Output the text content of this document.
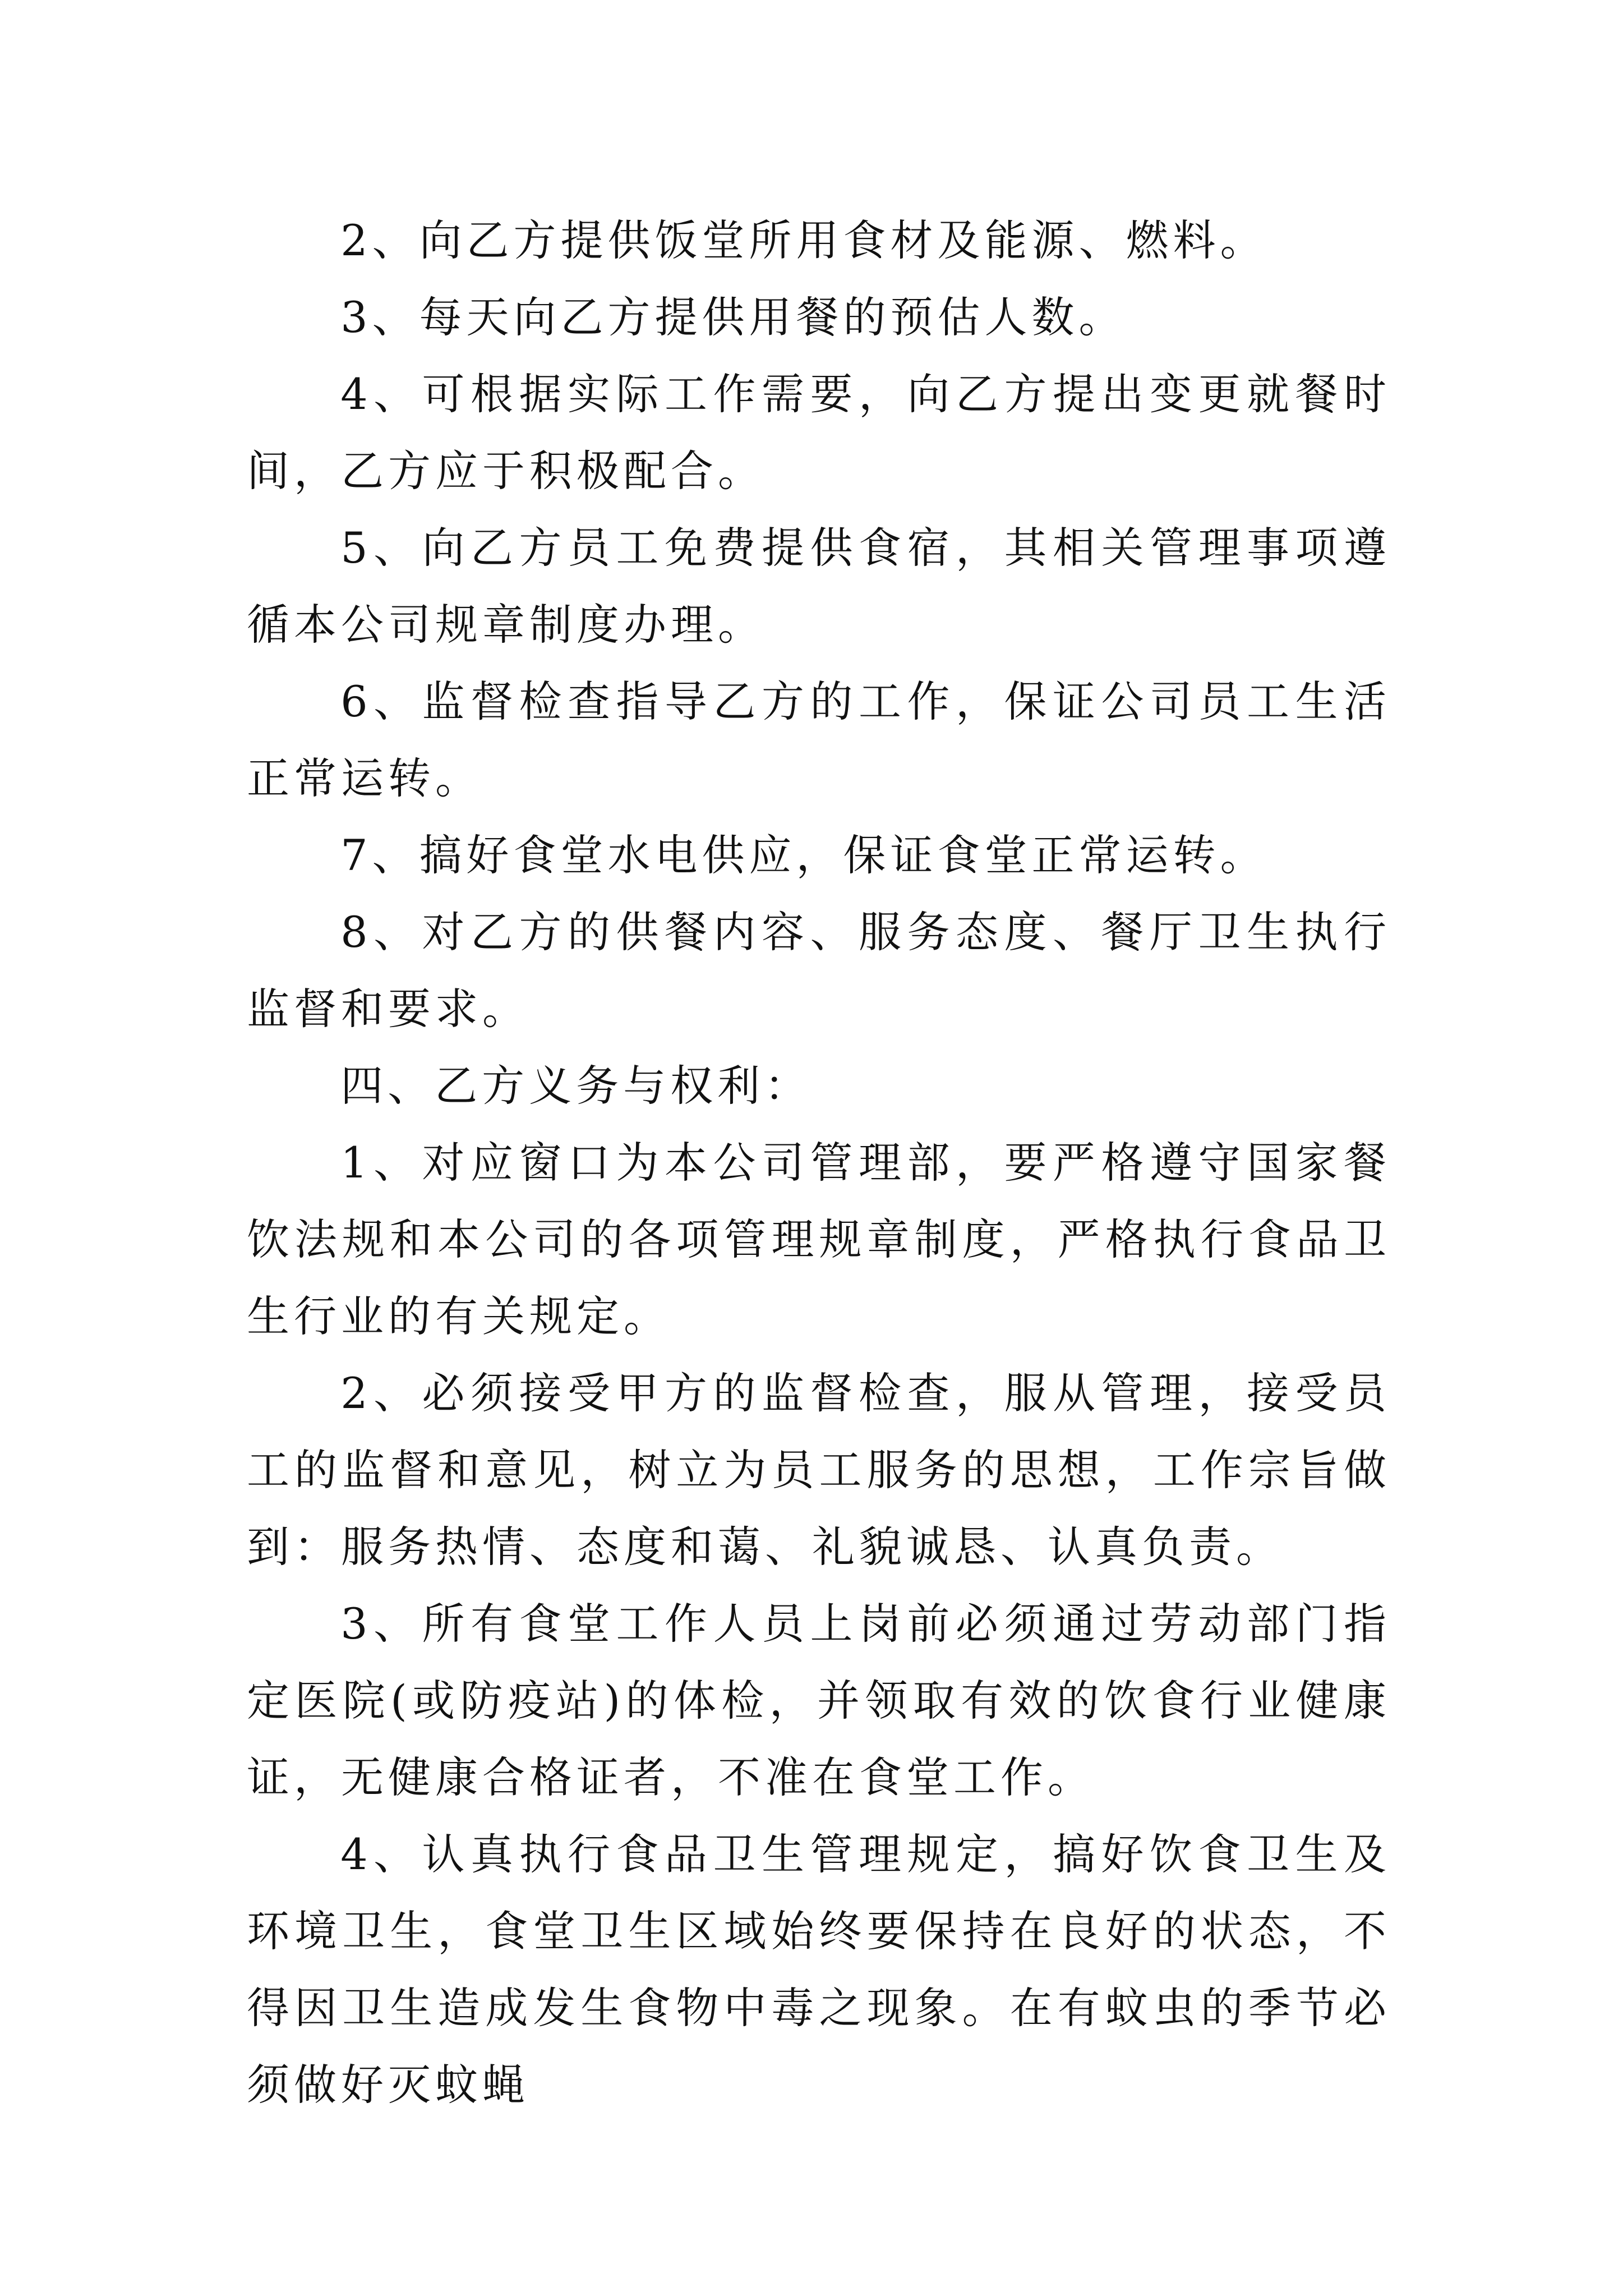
2、向乙方提供饭堂所用食材及能源、燃料。

3、每天向乙方提供用餐的预估人数。

4、可根据实际工作需要，向乙方提出变更就餐时间，乙方应于积极配合。

5、向乙方员工免费提供食宿，其相关管理事项遵循本公司规章制度办理。

6、监督检查指导乙方的工作，保证公司员工生活正常运转。

7、搞好食堂水电供应，保证食堂正常运转。

8、对乙方的供餐内容、服务态度、餐厅卫生执行监督和要求。

四、乙方义务与权利：

1、对应窗口为本公司管理部，要严格遵守国家餐饮法规和本公司的各项管理规章制度，严格执行食品卫生行业的有关规定。

2、必须接受甲方的监督检查，服从管理，接受员工的监督和意见，树立为员工服务的思想，工作宗旨做到：服务热情、态度和蔼、礼貌诚恳、认真负责。

3、所有食堂工作人员上岗前必须通过劳动部门指定医院(或防疫站)的体检，并领取有效的饮食行业健康证，无健康合格证者，不准在食堂工作。

4、认真执行食品卫生管理规定，搞好饮食卫生及环境卫生，食堂卫生区域始终要保持在良好的状态，不得因卫生造成发生食物中毒之现象。在有蚊虫的季节必须做好灭蚊蝇
